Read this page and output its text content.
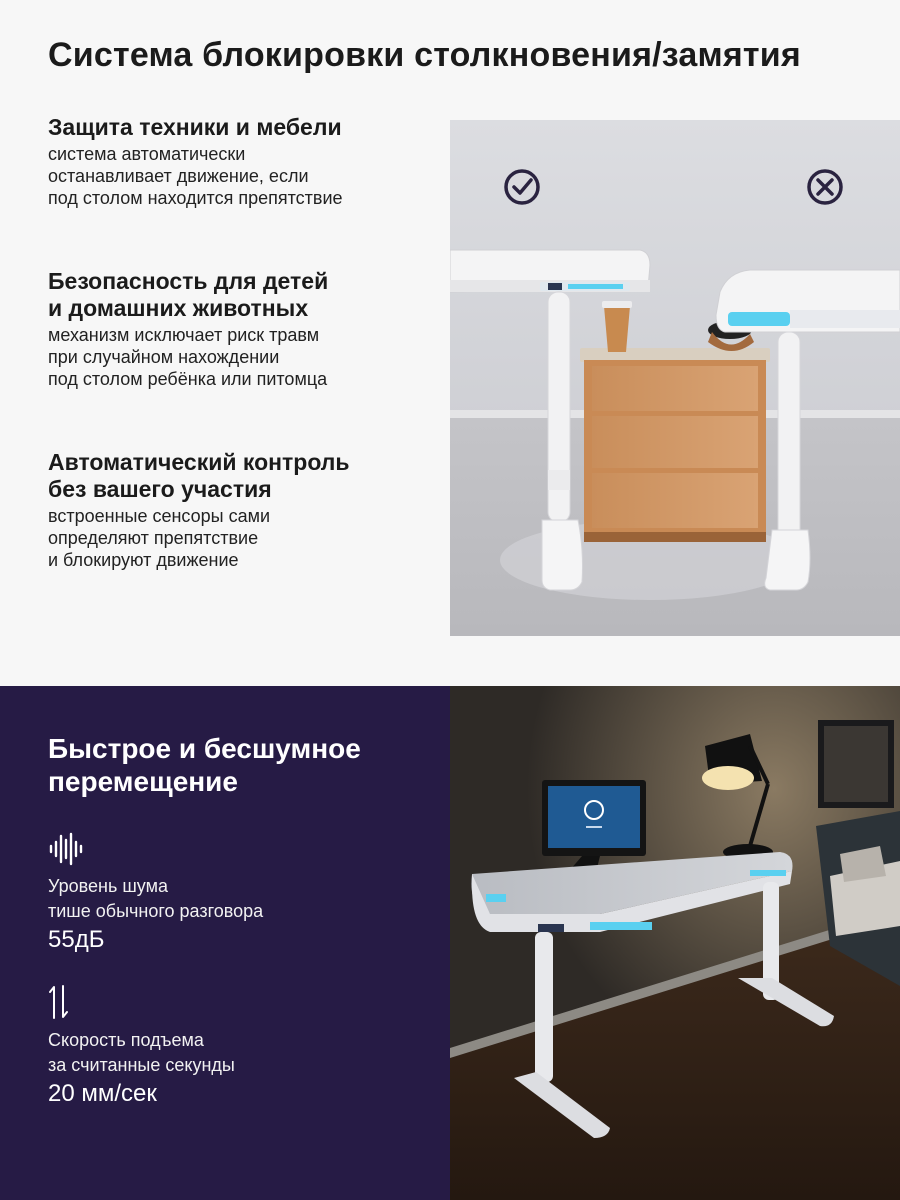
Система блокировки столкновения/замятия
Защита техники и мебели

система автоматически
останавливает движение, если
под столом находится препятствие

Безопасность для детей
и домашних животных

механизм исключает риск травм
при случайном нахождении
под столом ребёнка или питомца

Автоматический контроль
без вашего участия

встроенные сенсоры сами
определяют препятствие
и блокируют движение

Быстрое и бесшумное
перемещение
Уровень шума
тише обычного разговора
55дБ
Скорость подъема
за считанные секунды
20 мм/сек
